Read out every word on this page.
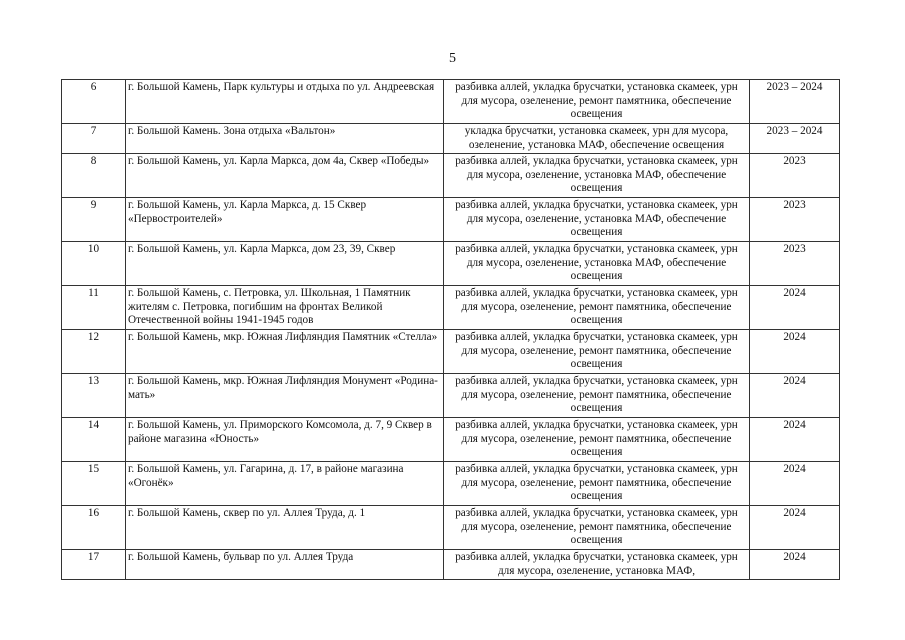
5
6	г. Большой Камень, Парк культуры и отдыха по ул. Андреевская	разбивка аллей, укладка брусчатки, установка скамеек, урн для мусора, озеленение, ремонт памятника, обеспечение освещения	2023 – 2024
7	г. Большой Камень. Зона отдыха «Вальтон»	укладка брусчатки, установка скамеек, урн для мусора, озеленение, установка МАФ, обеспечение освещения	2023 – 2024
8	г. Большой Камень, ул. Карла Маркса, дом 4а, Сквер «Победы»	разбивка аллей, укладка брусчатки, установка скамеек, урн для мусора, озеленение, установка МАФ, обеспечение освещения	2023
9	г. Большой Камень, ул. Карла Маркса, д. 15 Сквер «Первостроителей»	разбивка аллей, укладка брусчатки, установка скамеек, урн для мусора, озеленение, установка МАФ, обеспечение освещения	2023
10	г. Большой Камень, ул. Карла Маркса, дом 23, 39, Сквер	разбивка аллей, укладка брусчатки, установка скамеек, урн для мусора, озеленение, установка МАФ, обеспечение освещения	2023
11	г. Большой Камень, с. Петровка, ул. Школьная, 1 Памятник жителям с. Петровка, погибшим на фронтах Великой Отечественной войны 1941-1945 годов	разбивка аллей, укладка брусчатки, установка скамеек, урн для мусора, озеленение, ремонт памятника, обеспечение освещения	2024
12	г. Большой Камень, мкр. Южная Лифляндия Памятник «Стелла»	разбивка аллей, укладка брусчатки, установка скамеек, урн для мусора, озеленение, ремонт памятника, обеспечение освещения	2024
13	г. Большой Камень, мкр. Южная Лифляндия Монумент «Родина-мать»	разбивка аллей, укладка брусчатки, установка скамеек, урн для мусора, озеленение, ремонт памятника, обеспечение освещения	2024
14	г. Большой Камень, ул. Приморского Комсомола, д. 7, 9 Сквер в районе магазина «Юность»	разбивка аллей, укладка брусчатки, установка скамеек, урн для мусора, озеленение, ремонт памятника, обеспечение освещения	2024
15	г. Большой Камень, ул. Гагарина, д. 17, в районе магазина «Огонёк»	разбивка аллей, укладка брусчатки, установка скамеек, урн для мусора, озеленение, ремонт памятника, обеспечение освещения	2024
16	г. Большой Камень, сквер по ул. Аллея Труда, д. 1	разбивка аллей, укладка брусчатки, установка скамеек, урн для мусора, озеленение, ремонт памятника, обеспечение освещения	2024
17	г. Большой Камень, бульвар по ул. Аллея Труда	разбивка аллей, укладка брусчатки, установка скамеек, урн для мусора, озеленение, установка МАФ,	2024
